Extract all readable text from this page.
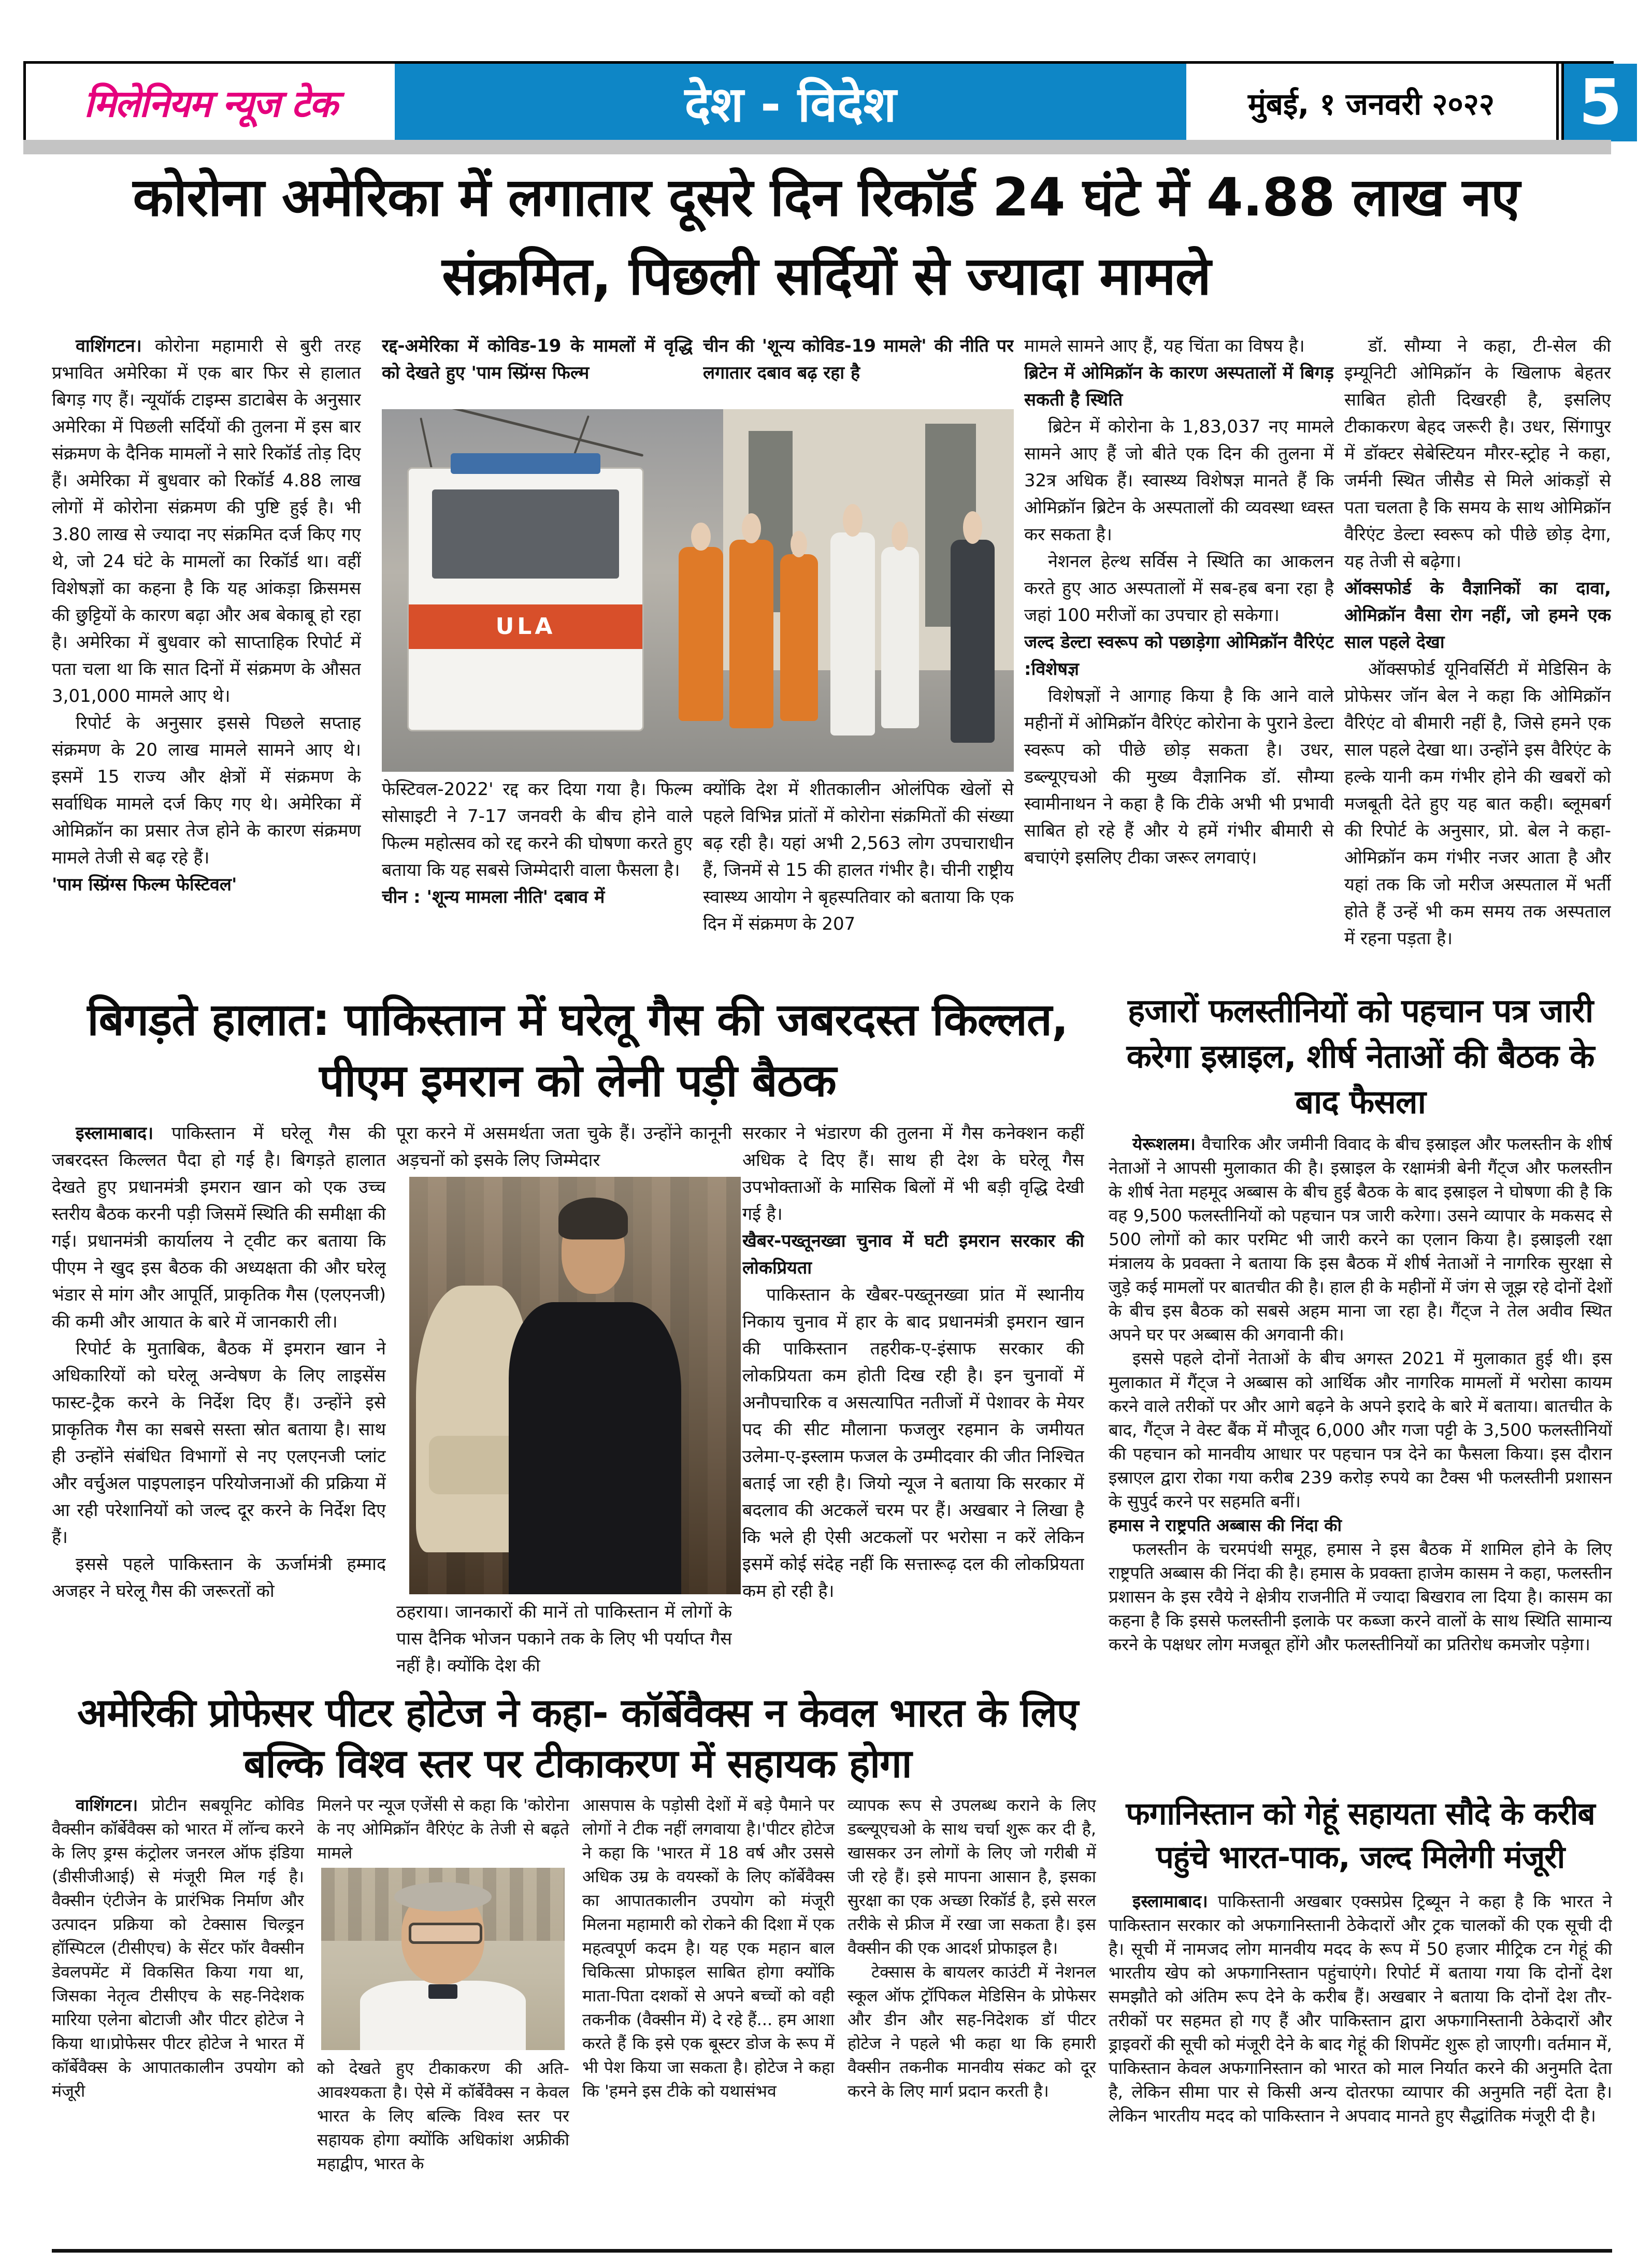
मिलेनियम न्यूज टेक	देश - विदेश	मुंबई, १ जनवरी २०२२ 5
कोरोना अमेरिका में लगातार दूसरे दिन रिकॉर्ड 24 घंटे में 4.88 लाख नए संक्रमित, पिछली सर्दियों से ज्यादा मामले

वाशिंगटन। कोरोना महामारी से बुरी तरह प्रभावित अमेरिका में एक बार फिर से हालात बिगड़ गए हैं। न्यूयॉर्क टाइम्स डाटाबेस के अनुसार अमेरिका में पिछली सर्दियों की तुलना में इस बार संक्रमण के दैनिक मामलों ने सारे रिकॉर्ड तोड़ दिए हैं। अमेरिका में बुधवार को रिकॉर्ड 4.88 लाख लोगों में कोरोना संक्रमण की पुष्टि हुई है। भी 3.80 लाख से ज्यादा नए संक्रमित दर्ज किए गए थे, जो 24 घंटे के मामलों का रिकॉर्ड था। वहीं विशेषज्ञों का कहना है कि यह आंकड़ा क्रिसमस की छुट्टियों के कारण बढ़ा और अब बेकाबू हो रहा है। अमेरिका में बुधवार को साप्ताहिक रिपोर्ट में पता चला था कि सात दिनों में संक्रमण के औसत 3,01,000 मामले आए थे।

रिपोर्ट के अनुसार इससे पिछले सप्ताह संक्रमण के 20 लाख मामले सामने आए थे। इसमें 15 राज्य और क्षेत्रों में संक्रमण के सर्वाधिक मामले दर्ज किए गए थे। अमेरिका में ओमिक्रॉन का प्रसार तेज होने के कारण संक्रमण मामले तेजी से बढ़ रहे हैं।

'पाम स्प्रिंग्स फिल्म फेस्टिवल'

रद्द-अमेरिका में कोविड-19 के मामलों में वृद्धि को देखते हुए 'पाम स्प्रिंग्स फिल्म

चीन की 'शून्य कोविड-19 मामले' की नीति पर लगातार दबाव बढ़ रहा है

ULA

फेस्टिवल-2022' रद्द कर दिया गया है। फिल्म सोसाइटी ने 7-17 जनवरी के बीच होने वाले फिल्म महोत्सव को रद्द करने की घोषणा करते हुए बताया कि यह सबसे जिम्मेदारी वाला फैसला है।

चीन : 'शून्य मामला नीति' दबाव में

क्योंकि देश में शीतकालीन ओलंपिक खेलों से पहले विभिन्न प्रांतों में कोरोना संक्रमितों की संख्या बढ़ रही है। यहां अभी 2,563 लोग उपचाराधीन हैं, जिनमें से 15 की हालत गंभीर है। चीनी राष्ट्रीय स्वास्थ्य आयोग ने बृहस्पतिवार को बताया कि एक दिन में संक्रमण के 207

मामले सामने आए हैं, यह चिंता का विषय है।

ब्रिटेन में ओमिक्रॉन के कारण अस्पतालों में बिगड़ सकती है स्थिति

ब्रिटेन में कोरोना के 1,83,037 नए मामले सामने आए हैं जो बीते एक दिन की तुलना में 32त्र अधिक हैं। स्वास्थ्य विशेषज्ञ मानते हैं कि ओमिक्रॉन ब्रिटेन के अस्पतालों की व्यवस्था ध्वस्त कर सकता है।

नेशनल हेल्थ सर्विस ने स्थिति का आकलन करते हुए आठ अस्पतालों में सब-हब बना रहा है जहां 100 मरीजों का उपचार हो सकेगा।

जल्द डेल्टा स्वरूप को पछाड़ेगा ओमिक्रॉन वैरिएंट :विशेषज्ञ

विशेषज्ञों ने आगाह किया है कि आने वाले महीनों में ओमिक्रॉन वैरिएंट कोरोना के पुराने डेल्टा स्वरूप को पीछे छोड़ सकता है। उधर, डब्ल्यूएचओ की मुख्य वैज्ञानिक डॉ. सौम्या स्वामीनाथन ने कहा है कि टीके अभी भी प्रभावी साबित हो रहे हैं और ये हमें गंभीर बीमारी से बचाएंगे इसलिए टीका जरूर लगवाएं।

डॉ. सौम्या ने कहा, टी-सेल की इम्यूनिटी ओमिक्रॉन के खिलाफ बेहतर साबित होती दिखरही है, इसलिए टीकाकरण बेहद जरूरी है। उधर, सिंगापुर में डॉक्टर सेबेस्टियन मौरर-स्ट्रोह ने कहा, जर्मनी स्थित जीसैड से मिले आंकड़ों से पता चलता है कि समय के साथ ओमिक्रॉन वैरिएंट डेल्टा स्वरूप को पीछे छोड़ देगा, यह तेजी से बढ़ेगा।

ऑक्सफोर्ड के वैज्ञानिकों का दावा, ओमिक्रॉन वैसा रोग नहीं, जो हमने एक साल पहले देखा

ऑक्सफोर्ड यूनिवर्सिटी में मेडिसिन के प्रोफेसर जॉन बेल ने कहा कि ओमिक्रॉन वैरिएंट वो बीमारी नहीं है, जिसे हमने एक साल पहले देखा था। उन्होंने इस वैरिएंट के हल्के यानी कम गंभीर होने की खबरों को मजबूती देते हुए यह बात कही। ब्लूमबर्ग की रिपोर्ट के अनुसार, प्रो. बेल ने कहा- ओमिक्रॉन कम गंभीर नजर आता है और यहां तक कि जो मरीज अस्पताल में भर्ती होते हैं उन्हें भी कम समय तक अस्पताल में रहना पड़ता है।

बिगड़ते हालात: पाकिस्तान में घरेलू गैस की जबरदस्त किल्लत, पीएम इमरान को लेनी पड़ी बैठक

इस्लामाबाद। पाकिस्तान में घरेलू गैस की जबरदस्त किल्लत पैदा हो गई है। बिगड़ते हालात देखते हुए प्रधानमंत्री इमरान खान को एक उच्च स्तरीय बैठक करनी पड़ी जिसमें स्थिति की समीक्षा की गई। प्रधानमंत्री कार्यालय ने ट्वीट कर बताया कि पीएम ने खुद इस बैठक की अध्यक्षता की और घरेलू भंडार से मांग और आपूर्ति, प्राकृतिक गैस (एलएनजी) की कमी और आयात के बारे में जानकारी ली।

रिपोर्ट के मुताबिक, बैठक में इमरान खान ने अधिकारियों को घरेलू अन्वेषण के लिए लाइसेंस फास्ट-ट्रैक करने के निर्देश दिए हैं। उन्होंने इसे प्राकृतिक गैस का सबसे सस्ता स्रोत बताया है। साथ ही उन्होंने संबंधित विभागों से नए एलएनजी प्लांट और वर्चुअल पाइपलाइन परियोजनाओं की प्रक्रिया में आ रही परेशानियों को जल्द दूर करने के निर्देश दिए हैं।

इससे पहले पाकिस्तान के ऊर्जामंत्री हम्माद अजहर ने घरेलू गैस की जरूरतों को

पूरा करने में असमर्थता जता चुके हैं। उन्होंने कानूनी अड़चनों को इसके लिए जिम्मेदार

ठहराया। जानकारों की मानें तो पाकिस्तान में लोगों के पास दैनिक भोजन पकाने तक के लिए भी पर्याप्त गैस नहीं है। क्योंकि देश की

सरकार ने भंडारण की तुलना में गैस कनेक्शन कहीं अधिक दे दिए हैं। साथ ही देश के घरेलू गैस उपभोक्ताओं के मासिक बिलों में भी बड़ी वृद्धि देखी गई है।

खैबर-पख्तूनख्वा चुनाव में घटी इमरान सरकार की लोकप्रियता

पाकिस्तान के खैबर-पख्तूनख्वा प्रांत में स्थानीय निकाय चुनाव में हार के बाद प्रधानमंत्री इमरान खान की पाकिस्तान तहरीक-ए-इंसाफ सरकार की लोकप्रियता कम होती दिख रही है। इन चुनावों में अनौपचारिक व असत्यापित नतीजों में पेशावर के मेयर पद की सीट मौलाना फजलुर रहमान के जमीयत उलेमा-ए-इस्लाम फजल के उम्मीदवार की जीत निश्चित बताई जा रही है। जियो न्यूज ने बताया कि सरकार में बदलाव की अटकलें चरम पर हैं। अखबार ने लिखा है कि भले ही ऐसी अटकलों पर भरोसा न करें लेकिन इसमें कोई संदेह नहीं कि सत्तारूढ़ दल की लोकप्रियता कम हो रही है।

हजारों फलस्तीनियों को पहचान पत्र जारी करेगा इस्राइल, शीर्ष नेताओं की बैठक के बाद फैसला

येरूशलम। वैचारिक और जमीनी विवाद के बीच इस्राइल और फलस्तीन के शीर्ष नेताओं ने आपसी मुलाकात की है। इस्राइल के रक्षामंत्री बेनी गैंट्ज और फलस्तीन के शीर्ष नेता महमूद अब्बास के बीच हुई बैठक के बाद इस्राइल ने घोषणा की है कि वह 9,500 फलस्तीनियों को पहचान पत्र जारी करेगा। उसने व्यापार के मकसद से 500 लोगों को कार परमिट भी जारी करने का एलान किया है। इस्राइली रक्षा मंत्रालय के प्रवक्ता ने बताया कि इस बैठक में शीर्ष नेताओं ने नागरिक सुरक्षा से जुड़े कई मामलों पर बातचीत की है। हाल ही के महीनों में जंग से जूझ रहे दोनों देशों के बीच इस बैठक को सबसे अहम माना जा रहा है। गैंट्ज ने तेल अवीव स्थित अपने घर पर अब्बास की अगवानी की।

इससे पहले दोनों नेताओं के बीच अगस्त 2021 में मुलाकात हुई थी। इस मुलाकात में गैंट्ज ने अब्बास को आर्थिक और नागरिक मामलों में भरोसा कायम करने वाले तरीकों पर और आगे बढ़ने के अपने इरादे के बारे में बताया। बातचीत के बाद, गैंट्ज ने वेस्ट बैंक में मौजूद 6,000 और गजा पट्टी के 3,500 फलस्तीनियों की पहचान को मानवीय आधार पर पहचान पत्र देने का फैसला किया। इस दौरान इस्राएल द्वारा रोका गया करीब 239 करोड़ रुपये का टैक्स भी फलस्तीनी प्रशासन के सुपुर्द करने पर सहमति बनीं।

हमास ने राष्ट्रपति अब्बास की निंदा की

फलस्तीन के चरमपंथी समूह, हमास ने इस बैठक में शामिल होने के लिए राष्ट्रपति अब्बास की निंदा की है। हमास के प्रवक्ता हाजेम कासम ने कहा, फलस्तीन प्रशासन के इस रवैये ने क्षेत्रीय राजनीति में ज्यादा बिखराव ला दिया है। कासम का कहना है कि इससे फलस्तीनी इलाके पर कब्जा करने वालों के साथ स्थिति सामान्य करने के पक्षधर लोग मजबूत होंगे और फलस्तीनियों का प्रतिरोध कमजोर पड़ेगा।

अमेरिकी प्रोफेसर पीटर होटेज ने कहा- कॉर्बेवैक्स न केवल भारत के लिए बल्कि विश्व स्तर पर टीकाकरण में सहायक होगा

वाशिंगटन। प्रोटीन सबयूनिट कोविड वैक्सीन कॉर्बेवैक्स को भारत में लॉन्च करने के लिए ड्रग्स कंट्रोलर जनरल ऑफ इंडिया (डीसीजीआई) से मंजूरी मिल गई है। वैक्सीन एंटीजेन के प्रारंभिक निर्माण और उत्पादन प्रक्रिया को टेक्सास चिल्ड्रन हॉस्पिटल (टीसीएच) के सेंटर फॉर वैक्सीन डेवलपमेंट में विकसित किया गया था, जिसका नेतृत्व टीसीएच के सह-निदेशक मारिया एलेना बोटाजी और पीटर होटेज ने किया था।प्रोफेसर पीटर होटेज ने भारत में कॉर्बेवैक्स के आपातकालीन उपयोग को मंजूरी

मिलने पर न्यूज एजेंसी से कहा कि 'कोरोना के नए ओमिक्रॉन वैरिएंट के तेजी से बढ़ते मामले

को देखते हुए टीकाकरण की अति-आवश्यकता है। ऐसे में कॉर्बेवैक्स न केवल भारत के लिए बल्कि विश्व स्तर पर सहायक होगा क्योंकि अधिकांश अफ्रीकी महाद्वीप, भारत के

आसपास के पड़ोसी देशों में बड़े पैमाने पर लोगों ने टीक नहीं लगवाया है।'पीटर होटेज ने कहा कि 'भारत में 18 वर्ष और उससे अधिक उम्र के वयस्कों के लिए कॉर्बेवैक्स का आपातकालीन उपयोग को मंजूरी मिलना महामारी को रोकने की दिशा में एक महत्वपूर्ण कदम है। यह एक महान बाल चिकित्सा प्रोफाइल साबित होगा क्योंकि माता-पिता दशकों से अपने बच्चों को वही तकनीक (वैक्सीन में) दे रहे हैं... हम आशा करते हैं कि इसे एक बूस्टर डोज के रूप में भी पेश किया जा सकता है। होटेज ने कहा कि 'हमने इस टीके को यथासंभव

व्यापक रूप से उपलब्ध कराने के लिए डब्ल्यूएचओ के साथ चर्चा शुरू कर दी है, खासकर उन लोगों के लिए जो गरीबी में जी रहे हैं। इसे मापना आसान है, इसका सुरक्षा का एक अच्छा रिकॉर्ड है, इसे सरल तरीके से फ्रीज में रखा जा सकता है। इस वैक्सीन की एक आदर्श प्रोफाइल है।

टेक्सास के बायलर काउंटी में नेशनल स्कूल ऑफ ट्रॉपिकल मेडिसिन के प्रोफेसर और डीन और सह-निदेशक डॉ पीटर होटेज ने पहले भी कहा था कि हमारी वैक्सीन तकनीक मानवीय संकट को दूर करने के लिए मार्ग प्रदान करती है।

फगानिस्तान को गेहूं सहायता सौदे के करीब पहुंचे भारत-पाक, जल्द मिलेगी मंजूरी

इस्लामाबाद। पाकिस्तानी अखबार एक्सप्रेस ट्रिब्यून ने कहा है कि भारत ने पाकिस्तान सरकार को अफगानिस्तानी ठेकेदारों और ट्रक चालकों की एक सूची दी है। सूची में नामजद लोग मानवीय मदद के रूप में 50 हजार मीट्रिक टन गेहूं की भारतीय खेप को अफगानिस्तान पहुंचाएंगे। रिपोर्ट में बताया गया कि दोनों देश समझौते को अंतिम रूप देने के करीब हैं। अखबार ने बताया कि दोनों देश तौर-तरीकों पर सहमत हो गए हैं और पाकिस्तान द्वारा अफगानिस्तानी ठेकेदारों और ड्राइवरों की सूची को मंजूरी देने के बाद गेहूं की शिपमेंट शुरू हो जाएगी। वर्तमान में, पाकिस्तान केवल अफगानिस्तान को भारत को माल निर्यात करने की अनुमति देता है, लेकिन सीमा पार से किसी अन्य दोतरफा व्यापार की अनुमति नहीं देता है। लेकिन भारतीय मदद को पाकिस्तान ने अपवाद मानते हुए सैद्धांतिक मंजूरी दी है।
